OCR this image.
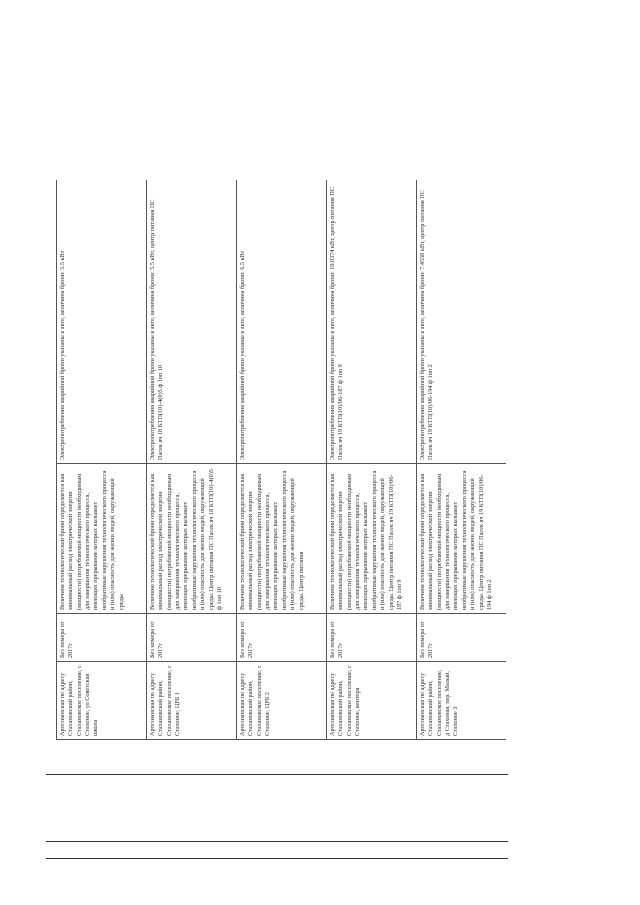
Артезианская по адресу Стахановский район, Стахановское поселение, с Стахоное, ул Советская школа	Без номера от 2017г	Величина технологической брони определяется как минимальный расход электрической энергии (мощности) потребляемой мощности необходимым для завершения технологического процесса, имеющих прерывание которых вызывает необратимые нарушения технологического процесса и (или) опасность для жизни людей, окружающей среды	Электропотребления аварийной брони указаны в акте, величина брони: 5.5 кВт
Артезианская по адресу Стахановский район, Стахановское поселение, с Стахоное, ЦРБ 1	Без номера от 2017г	Величина технологической брони определяется как минимальный расход электрической энергии (мощности) потребляемой мощности необходимым для завершения технологического процесса, имеющих прерывание которых вызывает необратимые нарушения технологического процесса и (или) опасность для жизни людей, окружающей среды. Центр питания ПС Пасек яч 18 КТП(10)-4(0)5 ф 1оп 10	Электропотребления аварийной брони указаны в акте, величина брони: 5.5 кВт, центр питания ПС Пасек яч 18 КТП(10)-4(0)5 ф 1оп 10
Артезианская по адресу Стахановский район, Стахановское поселение, с Стахоное, ЦРБ 2	Без номера от 2017г	Величина технологической брони определяется как минимальный расход электрической энергии (мощности) потребляемой мощности необходимым для завершения технологического процесса, имеющих прерывание которых вызывает необратимые нарушения технологического процесса и (или) опасность для жизни людей, окружающей среды. Центр питания	Электропотребления аварийной брони указаны в акте, величина брони: 6.5 кВт
Артезианская по адресу Стахановский район, Стахановское поселение, с Стахоное, контора	Без номера от 2017г	Величина технологической брони определяется как минимальный расход электрической энергии (мощности) потребляемой мощности необходимым для завершения технологического процесса, имеющих прерывание которых вызывает необратимые нарушения технологического процесса и (или) опасность для жизни людей, окружающей среды. Центр питания ПС Пасек яч 19 КТП(10)/06-187 ф 1оп 9	Электропотребления аварийной брони указаны в акте, величина брони: 10.0374 кВт, центр питания ПС Пасек яч 19 КТП(10)/06-187 ф 1оп 9
Артезианская по адресу Стахановский район, Стахановское поселение, д Стахоная, пер. Малый, Стахоное 3	Без номера от 2017г	Величина технологической брони определяется как минимальный расход электрической энергии (мощности) потребляемой мощности необходимым для завершения технологического процесса, имеющих прерывание которых вызывает необратимые нарушения технологического процесса и (или) опасность для жизни людей, окружающей среды. Центр питания ПС Пасек яч 19 КТП(10)/06-194 ф 1оп 2	Электропотребления аварийной брони указаны в акте, величина брони: 7.4558 кВт, центр питания ПС Пасек яч 19 КТП(10)/06-194 ф 1оп 2
